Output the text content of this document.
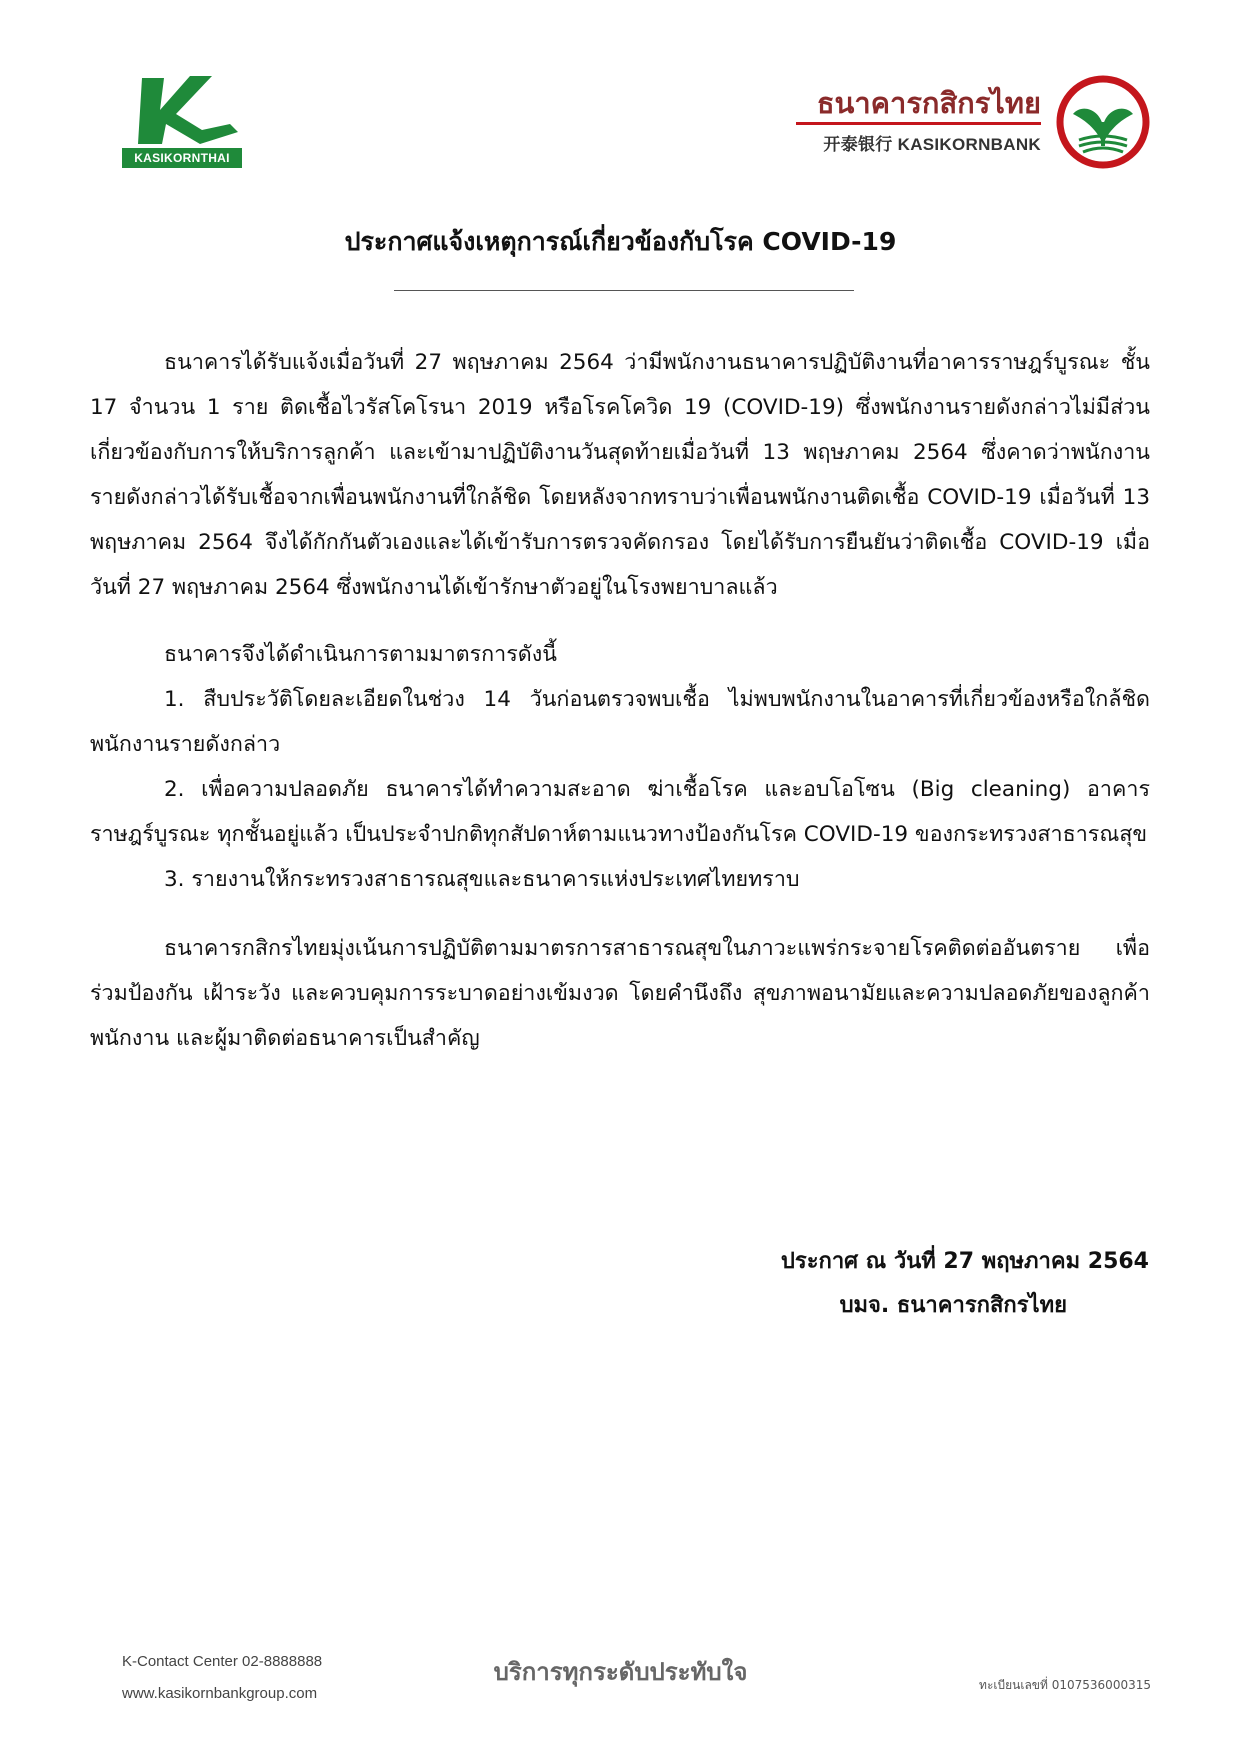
KASIKORNTHAI
ธนาคารกสิกรไทย
开泰银行 KASIKORNBANK
ประกาศแจ้งเหตุการณ์เกี่ยวข้องกับโรค COVID-19

ธนาคารได้รับแจ้งเมื่อวันที่ 27 พฤษภาคม 2564 ว่ามีพนักงานธนาคารปฏิบัติงานที่อาคารราษฎร์บูรณะ ชั้น 17 จำนวน 1 ราย ติดเชื้อไวรัสโคโรนา 2019 หรือโรคโควิด 19 (COVID-19) ซึ่งพนักงานรายดังกล่าวไม่มีส่วนเกี่ยวข้องกับการให้บริการลูกค้า และเข้ามาปฏิบัติงานวันสุดท้ายเมื่อวันที่ 13 พฤษภาคม 2564 ซึ่งคาดว่าพนักงานรายดังกล่าวได้รับเชื้อจากเพื่อนพนักงานที่ใกล้ชิด โดยหลังจากทราบว่าเพื่อนพนักงานติดเชื้อ COVID-19 เมื่อวันที่ 13 พฤษภาคม 2564 จึงได้กักกันตัวเองและได้เข้ารับการตรวจคัดกรอง โดยได้รับการยืนยันว่าติดเชื้อ COVID-19 เมื่อวันที่ 27 พฤษภาคม 2564 ซึ่งพนักงานได้เข้ารักษาตัวอยู่ในโรงพยาบาลแล้ว

ธนาคารจึงได้ดำเนินการตามมาตรการดังนี้

1. สืบประวัติโดยละเอียดในช่วง 14 วันก่อนตรวจพบเชื้อ ไม่พบพนักงานในอาคารที่เกี่ยวข้องหรือใกล้ชิดพนักงานรายดังกล่าว

2. เพื่อความปลอดภัย ธนาคารได้ทำความสะอาด ฆ่าเชื้อโรค และอบโอโซน (Big cleaning) อาคารราษฎร์บูรณะ ทุกชั้นอยู่แล้ว เป็นประจำปกติทุกสัปดาห์ตามแนวทางป้องกันโรค COVID-19 ของกระทรวงสาธารณสุข

3. รายงานให้กระทรวงสาธารณสุขและธนาคารแห่งประเทศไทยทราบ

ธนาคารกสิกรไทยมุ่งเน้นการปฏิบัติตามมาตรการสาธารณสุขในภาวะแพร่กระจายโรคติดต่ออันตราย เพื่อร่วมป้องกัน เฝ้าระวัง และควบคุมการระบาดอย่างเข้มงวด โดยคำนึงถึง สุขภาพอนามัยและความปลอดภัยของลูกค้า พนักงาน และผู้มาติดต่อธนาคารเป็นสำคัญ

ประกาศ ณ วันที่ 27 พฤษภาคม 2564
บมจ. ธนาคารกสิกรไทย
K-Contact Center 02-8888888
www.kasikornbankgroup.com
บริการทุกระดับประทับใจ	ทะเบียนเลขที่ 0107536000315
